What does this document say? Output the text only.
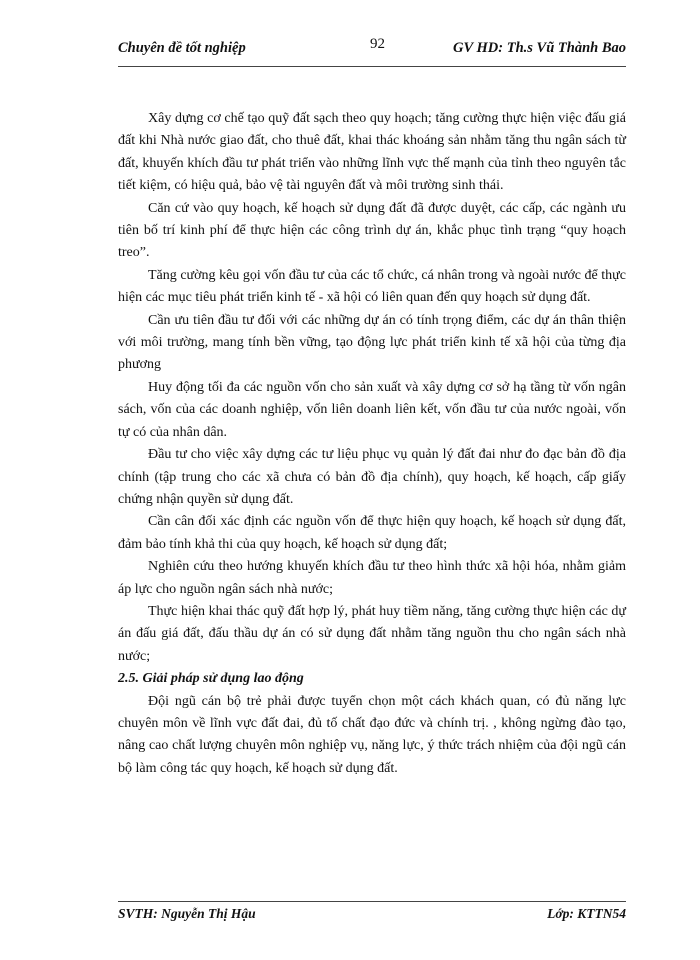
Chuyên đề tốt nghiệp	92	GV HD: Th.s Vũ Thành Bao

Xây dựng cơ chế tạo quỹ đất sạch theo quy hoạch; tăng cường thực hiện việc đấu giá đất khi Nhà nước giao đất, cho thuê đất, khai thác khoáng sản nhằm tăng thu ngân sách từ đất, khuyến khích đầu tư phát triển vào những lĩnh vực thế mạnh của tỉnh theo nguyên tắc tiết kiệm, có hiệu quả, bảo vệ tài nguyên đất và môi trường sinh thái.

Căn cứ vào quy hoạch, kế hoạch sử dụng đất đã được duyệt, các cấp, các ngành ưu tiên bố trí kinh phí để thực hiện các công trình dự án, khắc phục tình trạng “quy hoạch treo”.

Tăng cường kêu gọi vốn đầu tư của các tổ chức, cá nhân trong và ngoài nước để thực hiện các mục tiêu phát triển kinh tế - xã hội có liên quan đến quy hoạch sử dụng đất.

Cần ưu tiên đầu tư đối với các những dự án có tính trọng điểm, các dự án thân thiện với môi trường, mang tính bền vững, tạo động lực phát triển kinh tế xã hội của từng địa phương

Huy động tối đa các nguồn vốn cho sản xuất và xây dựng cơ sở hạ tầng từ vốn ngân sách, vốn của các doanh nghiệp, vốn liên doanh liên kết, vốn đầu tư của nước ngoài, vốn tự có của nhân dân.

Đầu tư cho việc xây dựng các tư liệu phục vụ quản lý đất đai như đo đạc bản đồ địa chính (tập trung cho các xã chưa có bản đồ địa chính), quy hoạch, kế hoạch, cấp giấy chứng nhận quyền sử dụng đất.

Cần cân đối xác định các nguồn vốn để thực hiện quy hoạch, kế hoạch sử dụng đất, đảm bảo tính khả thi của quy hoạch, kế hoạch sử dụng đất;

Nghiên cứu theo hướng khuyến khích đầu tư theo hình thức xã hội hóa, nhằm giảm áp lực cho nguồn ngân sách nhà nước;

Thực hiện khai thác quỹ đất hợp lý, phát huy tiềm năng, tăng cường thực hiện các dự án đấu giá đất, đấu thầu dự án có sử dụng đất nhằm tăng nguồn thu cho ngân sách nhà nước;

2.5. Giải pháp sử dụng lao động

Đội ngũ cán bộ trẻ phải được tuyển chọn một cách khách quan, có đủ năng lực chuyên môn về lĩnh vực đất đai, đủ tố chất đạo đức và chính trị. , không ngừng đào tạo, nâng cao chất lượng chuyên môn nghiệp vụ, năng lực, ý thức trách nhiệm của đội ngũ cán bộ làm công tác quy hoạch, kế hoạch sử dụng đất.

SVTH: Nguyễn Thị Hậu	Lớp: KTTN54
